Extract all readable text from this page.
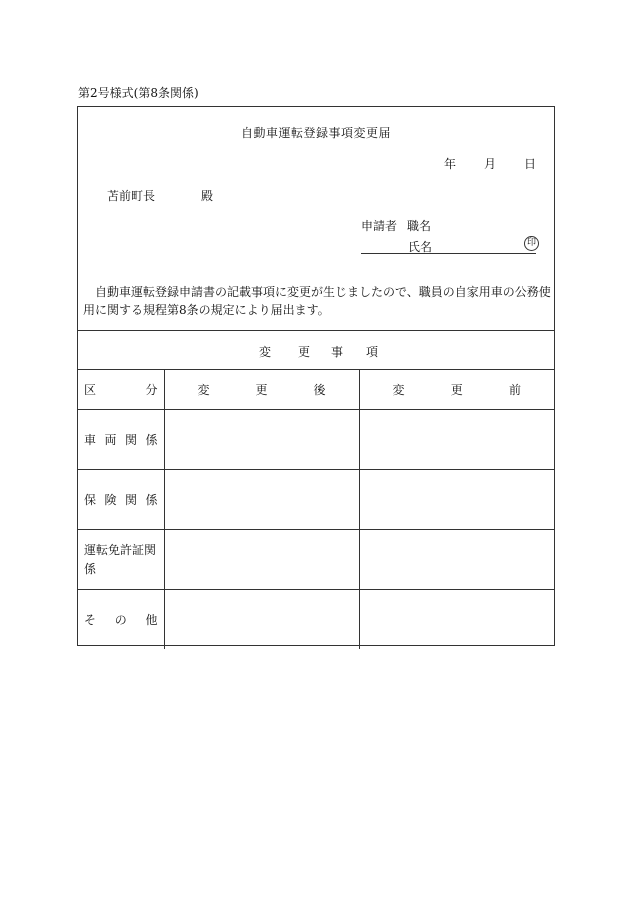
第2号様式(第8条関係)
自動車運転登録事項変更届
年 月 日
苫前町長	殿
申請者 職名
氏名	印
自動車運転登録申請書の記載事項に変更が生じましたので、職員の自家用車の公務使用に関する規程第8条の規定により届出ます。
変 更 事 項
区 分	変 更 後	変 更 前

車 両 関 係		

保 険 関 係		

運転免許証関係		

そ の 他		
